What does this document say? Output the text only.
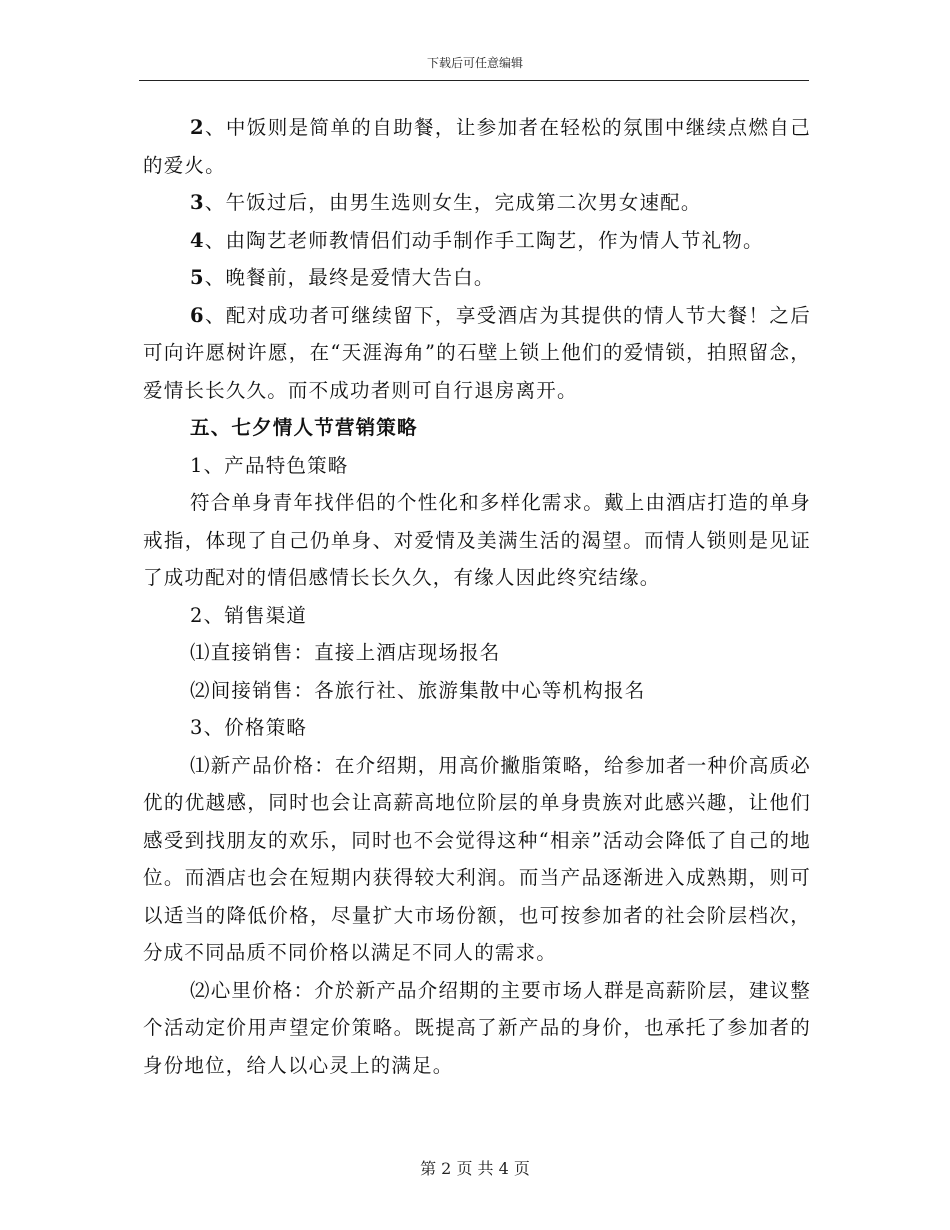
下载后可任意编辑

2、中饭则是简单的自助餐，让参加者在轻松的氛围中继续点燃自己的爱火。

3、午饭过后，由男生选则女生，完成第二次男女速配。

4、由陶艺老师教情侣们动手制作手工陶艺，作为情人节礼物。

5、晚餐前，最终是爱情大告白。

6、配对成功者可继续留下，享受酒店为其提供的情人节大餐！之后可向许愿树许愿，在“天涯海角”的石壁上锁上他们的爱情锁，拍照留念，爱情长长久久。而不成功者则可自行退房离开。

五、七夕情人节营销策略

1、产品特色策略

符合单身青年找伴侣的个性化和多样化需求。戴上由酒店打造的单身戒指，体现了自己仍单身、对爱情及美满生活的渴望。而情人锁则是见证了成功配对的情侣感情长长久久，有缘人因此终究结缘。

2、销售渠道

⑴直接销售：直接上酒店现场报名

⑵间接销售：各旅行社、旅游集散中心等机构报名

3、价格策略

⑴新产品价格：在介绍期，用高价撇脂策略，给参加者一种价高质必优的优越感，同时也会让高薪高地位阶层的单身贵族对此感兴趣，让他们感受到找朋友的欢乐，同时也不会觉得这种“相亲”活动会降低了自己的地位。而酒店也会在短期内获得较大利润。而当产品逐渐进入成熟期，则可以适当的降低价格，尽量扩大市场份额，也可按参加者的社会阶层档次，分成不同品质不同价格以满足不同人的需求。

⑵心里价格：介於新产品介绍期的主要市场人群是高薪阶层，建议整个活动定价用声望定价策略。既提高了新产品的身价，也承托了参加者的身份地位，给人以心灵上的满足。

第 2 页 共 4 页
